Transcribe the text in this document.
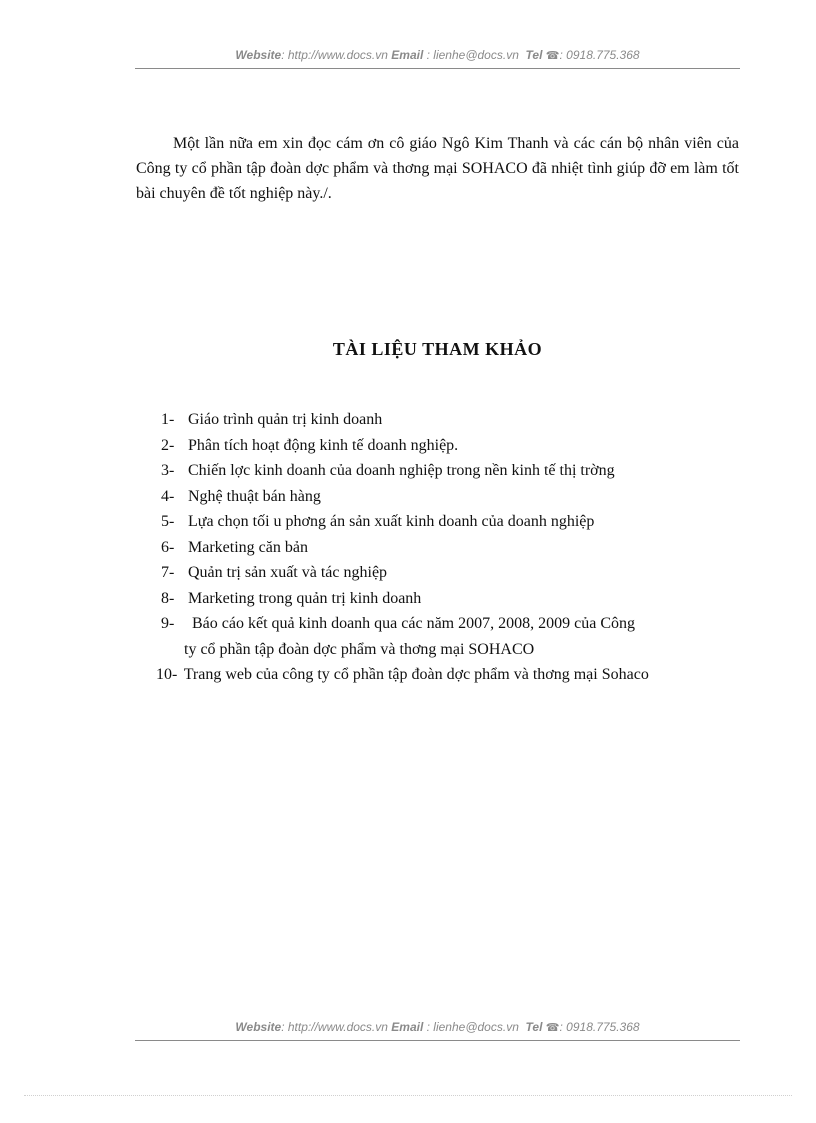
Website: http://www.docs.vn Email : lienhe@docs.vn Tel ☎: 0918.775.368

Một lần nữa em xin đọc cám ơn cô giáo Ngô Kim Thanh và các cán bộ nhân viên của Công ty cổ phần tập đoàn dợc phẩm và thơng mại SOHACO đã nhiệt tình giúp đỡ em làm tốt bài chuyên đề tốt nghiệp này./.

TÀI LIỆU THAM KHẢO
1- Giáo trình quản trị kinh doanh
2- Phân tích hoạt động kinh tế doanh nghiệp.
3- Chiến lợc kinh doanh của doanh nghiệp trong nền kinh tế thị trờng
4- Nghệ thuật bán hàng
5- Lựa chọn tối u phơng án sản xuất kinh doanh của doanh nghiệp
6- Marketing căn bản
7- Quản trị sản xuất và tác nghiệp
8- Marketing trong quản trị kinh doanh
9- Báo cáo kết quả kinh doanh qua các năm 2007, 2008, 2009 của Công
ty cổ phần tập đoàn dợc phẩm và thơng mại SOHACO
10- Trang web của công ty cổ phần tập đoàn dợc phẩm và thơng mại Sohaco
Website: http://www.docs.vn Email : lienhe@docs.vn Tel ☎: 0918.775.368
